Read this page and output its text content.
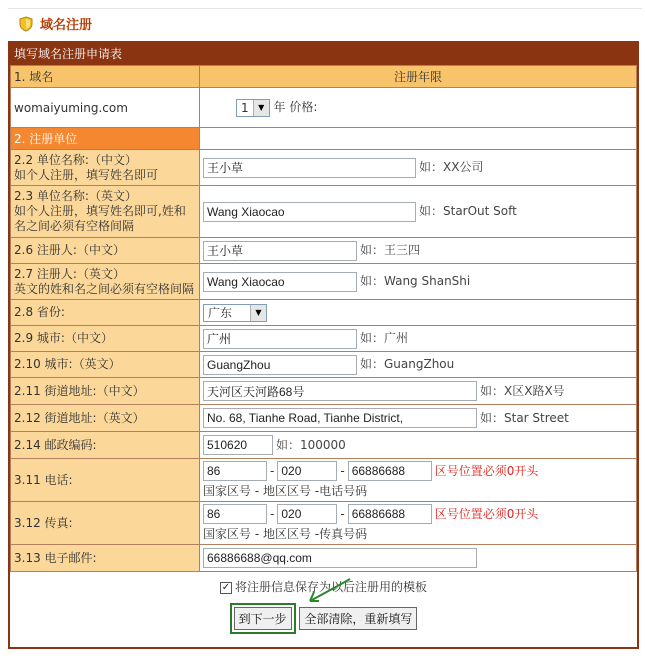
域名注册
填写域名注册申请表
1. 域名	注册年限
womaiyuming.com	1 ▼ 年 价格:
2. 注册单位	

2.2 单位名称:（中文）
如个人注册，填写姓名即可
	王小草如：XX公司

2.3 单位名称:（英文）
如个人注册，填写姓名即可,姓和名之间必须有空格间隔
	Wang Xiaocao如：StarOut Soft
2.6 注册人:（中文）	王小草如：王三四

2.7 注册人:（英文）
英文的姓和名之间必须有空格间隔
	Wang Xiaocao如：Wang ShanShi
2.8 省份:	广东 ▼

2.9 城市:（中文）	广州如：广州
2.10 城市:（英文）	GuangZhou如：GuangZhou
2.11 街道地址:（中文）	天河区天河路68号如：X区X路X号
2.12 街道地址:（英文）	No. 68, Tianhe Road, Tianhe District,如：Star Street
2.14 邮政编码:	510620如：100000
3.11 电话:	86-020 -66886688 区号位置必须0开头
国家区号 - 地区区号 -电话号码

3.12 传真:	86-020 -66886688 区号位置必须0开头
国家区号 - 地区区号 -传真号码

3.13 电子邮件:	66886688@qq.com
✓ 将注册信息保存为以后注册用的模板
到下一步 全部清除，重新填写
